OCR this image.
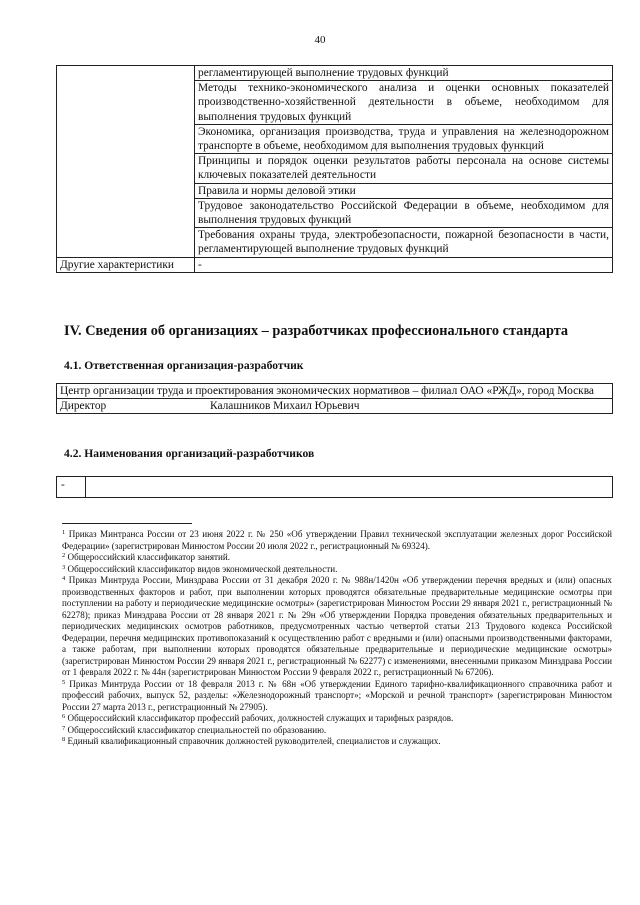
40
	регламентирующей выполнение трудовых функций
	Методы технико-экономического анализа и оценки основных показателей производственно-хозяйственной деятельности в объеме, необходимом для выполнения трудовых функций
	Экономика, организация производства, труда и управления на железнодорожном транспорте в объеме, необходимом для выполнения трудовых функций
	Принципы и порядок оценки результатов работы персонала на основе системы ключевых показателей деятельности
	Правила и нормы деловой этики
	Трудовое законодательство Российской Федерации в объеме, необходимом для выполнения трудовых функций
	Требования охраны труда, электробезопасности, пожарной безопасности в части, регламентирующей выполнение трудовых функций
Другие характеристики	-
IV. Сведения об организациях – разработчиках профессионального стандарта
4.1. Ответственная организация-разработчик
Центр организации труда и проектирования экономических нормативов – филиал ОАО «РЖД», город Москва
Директор	Калашников Михаил Юрьевич
4.2. Наименования организаций-разработчиков
-	

$^1$ Приказ Минтранса России от 23 июня 2022 г. № 250 «Об утверждении Правил технической эксплуатации железных дорог Российской Федерации» (зарегистрирован Минюстом России 20 июля 2022 г., регистрационный № 69324).

$^2$ Общероссийский классификатор занятий.

$^3$ Общероссийский классификатор видов экономической деятельности.

$^4$ Приказ Минтруда России, Минздрава России от 31 декабря 2020 г. № 988н/1420н «Об утверждении перечня вредных и (или) опасных производственных факторов и работ, при выполнении которых проводятся обязательные предварительные медицинские осмотры при поступлении на работу и периодические медицинские осмотры» (зарегистрирован Минюстом России 29 января 2021 г., регистрационный № 62278); приказ Минздрава России от 28 января 2021 г. № 29н «Об утверждении Порядка проведения обязательных предварительных и периодических медицинских осмотров работников, предусмотренных частью четвертой статьи 213 Трудового кодекса Российской Федерации, перечня медицинских противопоказаний к осуществлению работ с вредными и (или) опасными производственными факторами, а также работам, при выполнении которых проводятся обязательные предварительные и периодические медицинские осмотры» (зарегистрирован Минюстом России 29 января 2021 г., регистрационный № 62277) с изменениями, внесенными приказом Минздрава России от 1 февраля 2022 г. № 44н (зарегистрирован Минюстом России 9 февраля 2022 г., регистрационный № 67206).

$^5$ Приказ Минтруда России от 18 февраля 2013 г. № 68н «Об утверждении Единого тарифно-квалификационного справочника работ и профессий рабочих, выпуск 52, разделы: «Железнодорожный транспорт»; «Морской и речной транспорт» (зарегистрирован Минюстом России 27 марта 2013 г., регистрационный № 27905).

$^6$ Общероссийский классификатор профессий рабочих, должностей служащих и тарифных разрядов.

$^7$ Общероссийский классификатор специальностей по образованию.

$^8$ Единый квалификационный справочник должностей руководителей, специалистов и служащих.
